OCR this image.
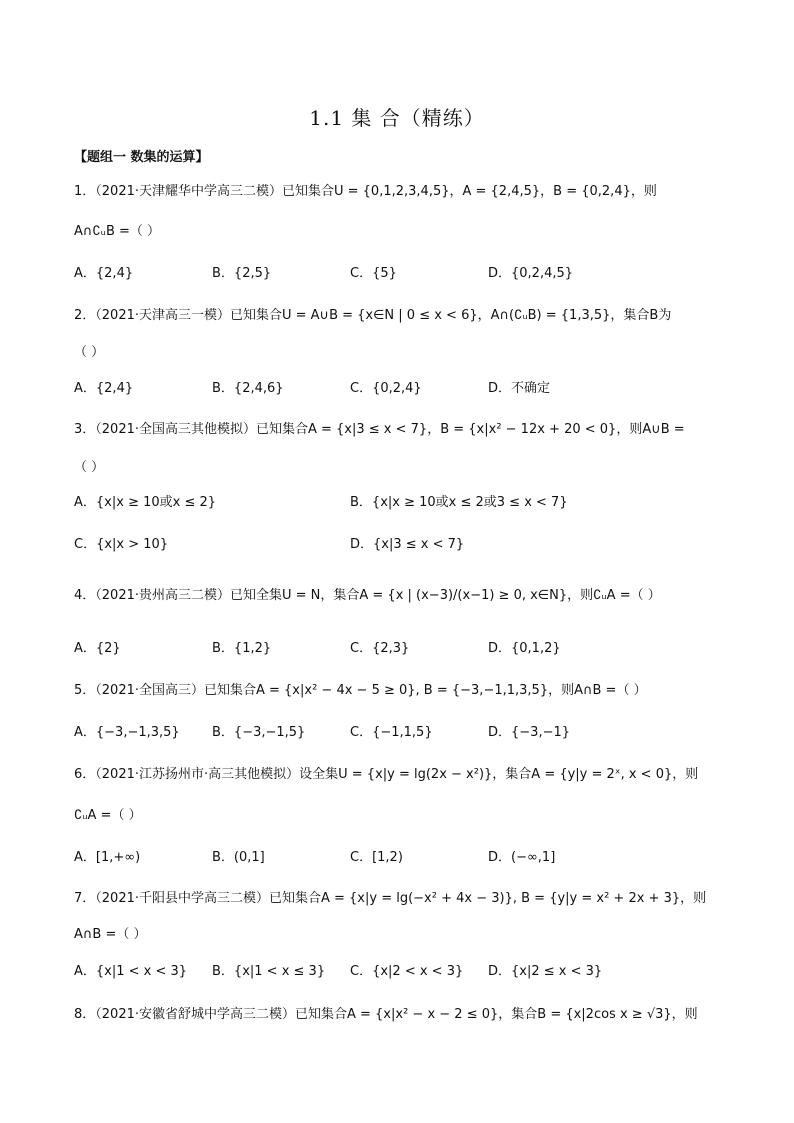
1.1 集 合（精练）
【题组一 数集的运算】
1．（2021·天津耀华中学高三二模）已知集合U = {0,1,2,3,4,5}，A = {2,4,5}，B = {0,2,4}，则
A∩∁ᵤB =（ ）
A．{2,4}	B．{2,5}	C．{5}	D．{0,2,4,5}
2．（2021·天津高三一模）已知集合U = A∪B = {x∈N | 0 ≤ x < 6}，A∩(∁ᵤB) = {1,3,5}，集合B为
（ ）
A．{2,4}	B．{2,4,6}	C．{0,2,4}	D．不确定
3．（2021·全国高三其他模拟）已知集合A = {x|3 ≤ x < 7}，B = {x|x² − 12x + 20 < 0}，则A∪B =
（ ）
A．{x|x ≥ 10或x ≤ 2}	B．{x|x ≥ 10或x ≤ 2或3 ≤ x < 7}
C．{x|x > 10}	D．{x|3 ≤ x < 7}
4．（2021·贵州高三二模）已知全集U = N，集合A = {x | (x−3)/(x−1) ≥ 0, x∈N}，则∁ᵤA =（ ）
A．{2}	B．{1,2}	C．{2,3}	D．{0,1,2}
5．（2021·全国高三）已知集合A = {x|x² − 4x − 5 ≥ 0}, B = {−3,−1,1,3,5}，则A∩B =（ ）
A．{−3,−1,3,5} B．{−3,−1,5}	C．{−1,1,5}	D．{−3,−1}
6．（2021·江苏扬州市·高三其他模拟）设全集U = {x|y = lg(2x − x²)}，集合A = {y|y = 2ˣ, x < 0}，则
∁ᵤA =（ ）
A．[1,+∞)	B．(0,1]	C．[1,2)	D．(−∞,1]
7．（2021·千阳县中学高三二模）已知集合A = {x|y = lg(−x² + 4x − 3)}, B = {y|y = x² + 2x + 3}，则
A∩B =（ ）
A．{x|1 < x < 3} B．{x|1 < x ≤ 3} C．{x|2 < x < 3} D．{x|2 ≤ x < 3}
8．（2021·安徽省舒城中学高三二模）已知集合A = {x|x² − x − 2 ≤ 0}，集合B = {x|2cos x ≥ √3}，则
